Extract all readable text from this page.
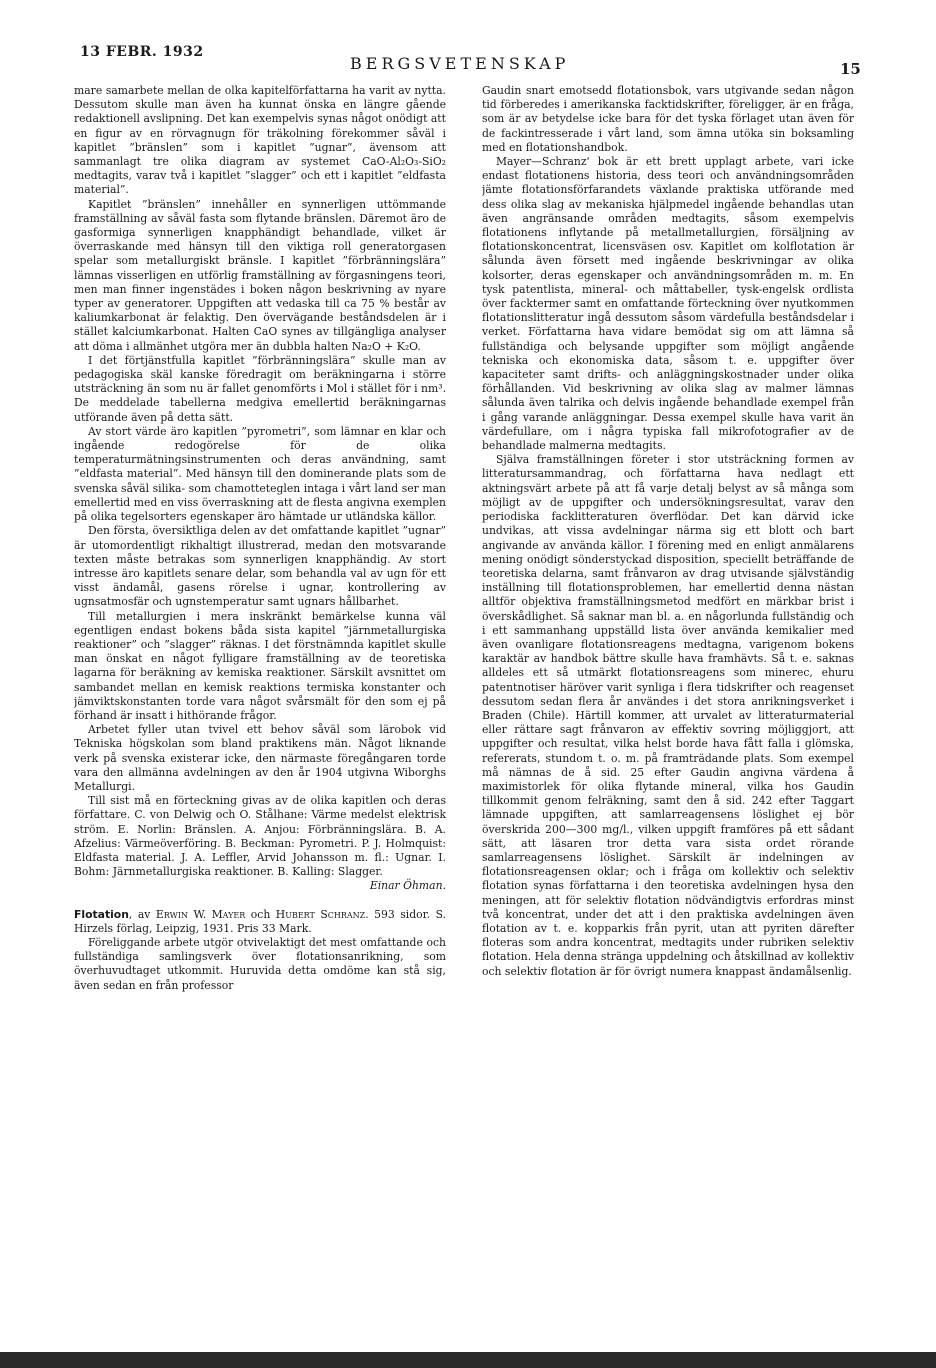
13 FEBR. 1932
BERGSVETENSKAP	15

mare samarbete mellan de olka kapitelförfattarna ha varit av nytta. Dessutom skulle man även ha kunnat önska en längre gående redaktionell avslipning. Det kan exempelvis synas något onödigt att en figur av en rörvagnugn för träkolning förekommer såväl i kapitlet ”bränslen” som i kapitlet ”ugnar”, ävensom att sammanlagt tre olika diagram av systemet CaO-Al₂O₃-SiO₂ medtagits, varav två i kapitlet ”slagger” och ett i kapitlet ”eldfasta material”.

Kapitlet ”bränslen” innehåller en synnerligen uttömmande framställning av såväl fasta som flytande bränslen. Däremot äro de gasformiga synnerligen knapphändigt behandlade, vilket är överraskande med hänsyn till den viktiga roll generatorgasen spelar som metallurgiskt bränsle. I kapitlet ”förbränningslära” lämnas visserligen en utförlig framställning av förgasningens teori, men man finner ingenstädes i boken någon beskrivning av nyare typer av generatorer. Uppgiften att vedaska till ca 75 % består av kaliumkarbonat är felaktig. Den övervägande beståndsdelen är i stället kalciumkarbonat. Halten CaO synes av tillgängliga analyser att döma i allmänhet utgöra mer än dubbla halten Na₂O + K₂O.

I det förtjänstfulla kapitlet ”förbränningslära” skulle man av pedagogiska skäl kanske föredragit om beräkningarna i större utsträckning än som nu är fallet genomförts i Mol i stället för i nm³. De meddelade tabellerna medgiva emellertid beräkningarnas utförande även på detta sätt.

Av stort värde äro kapitlen ”pyrometri”, som lämnar en klar och ingående redogörelse för de olika temperaturmätningsinstrumenten och deras användning, samt ”eldfasta material”. Med hänsyn till den dominerande plats som de svenska såväl silika- som chamotteteglen intaga i vårt land ser man emellertid med en viss överraskning att de flesta angivna exemplen på olika tegelsorters egenskaper äro hämtade ur utländska källor.

Den första, översiktliga delen av det omfattande kapitlet ”ugnar” är utomordentligt rikhaltigt illustrerad, medan den motsvarande texten måste betrakas som synnerligen knapphändig. Av stort intresse äro kapitlets senare delar, som behandla val av ugn för ett visst ändamål, gasens rörelse i ugnar, kontrollering av ugnsatmosfär och ugnstemperatur samt ugnars hållbarhet.

Till metallurgien i mera inskränkt bemärkelse kunna väl egentligen endast bokens båda sista kapitel ”järnmetallurgiska reaktioner” och ”slagger” räknas. I det förstnämnda kapitlet skulle man önskat en något fylligare framställning av de teoretiska lagarna för beräkning av kemiska reaktioner. Särskilt avsnittet om sambandet mellan en kemisk reaktions termiska konstanter och jämviktskonstanten torde vara något svårsmält för den som ej på förhand är insatt i hithörande frågor.

Arbetet fyller utan tvivel ett behov såväl som lärobok vid Tekniska högskolan som bland praktikens män. Något liknande verk på svenska existerar icke, den närmaste föregångaren torde vara den allmänna avdelningen av den år 1904 utgivna Wiborghs Metallurgi.

Till sist må en förteckning givas av de olika kapitlen och deras författare. C. von Delwig och O. Stålhane: Värme medelst elektrisk ström. E. Norlin: Bränslen. A. Anjou: Förbränningslära. B. A. Afzelius: Värmeöverföring. B. Beckman: Pyrometri. P. J. Holmquist: Eldfasta material. J. A. Leffler, Arvid Johansson m. fl.: Ugnar. I. Bohm: Järnmetallurgiska reaktioner. B. Kalling: Slagger.

Einar Öhman.

Flotation, av Erwin W. Mayer och Hubert Schranz. 593 sidor. S. Hirzels förlag, Leipzig, 1931. Pris 33 Mark.

Föreliggande arbete utgör otvivelaktigt det mest omfattande och fullständiga samlingsverk över flotationsanrikning, som överhuvudtaget utkommit. Huruvida detta omdöme kan stå sig, även sedan en från professor

Gaudin snart emotsedd flotationsbok, vars utgivande sedan någon tid förberedes i amerikanska facktidskrifter, föreligger, är en fråga, som är av betydelse icke bara för det tyska förlaget utan även för de fackintresserade i vårt land, som ämna utöka sin boksamling med en flotationshandbok.

Mayer—Schranz' bok är ett brett upplagt arbete, vari icke endast flotationens historia, dess teori och användningsområden jämte flotationsförfarandets växlande praktiska utförande med dess olika slag av mekaniska hjälpmedel ingående behandlas utan även angränsande områden medtagits, såsom exempelvis flotationens inflytande på metallmetallurgien, försäljning av flotationskoncentrat, licensväsen osv. Kapitlet om kolflotation är sålunda även försett med ingående beskrivningar av olika kolsorter, deras egenskaper och användningsområden m. m. En tysk patentlista, mineral- och måttabeller, tysk-engelsk ordlista över facktermer samt en omfattande förteckning över nyutkommen flotationslitteratur ingå dessutom såsom värdefulla beståndsdelar i verket. Författarna hava vidare bemödat sig om att lämna så fullständiga och belysande uppgifter som möjligt angående tekniska och ekonomiska data, såsom t. e. uppgifter över kapaciteter samt drifts- och anläggningskostnader under olika förhållanden. Vid beskrivning av olika slag av malmer lämnas sålunda även talrika och delvis ingående behandlade exempel från i gång varande anläggningar. Dessa exempel skulle hava varit än värdefullare, om i några typiska fall mikrofotografier av de behandlade malmerna medtagits.

Själva framställningen företer i stor utsträckning formen av litteratursammandrag, och författarna hava nedlagt ett aktningsvärt arbete på att få varje detalj belyst av så många som möjligt av de uppgifter och undersökningsresultat, varav den periodiska facklitteraturen överflödar. Det kan därvid icke undvikas, att vissa avdelningar närma sig ett blott och bart angivande av använda källor. I förening med en enligt anmälarens mening onödigt sönderstyckad disposition, speciellt beträffande de teoretiska delarna, samt frånvaron av drag utvisande självständig inställning till flotationsproblemen, har emellertid denna nästan alltför objektiva framställningsmetod medfört en märkbar brist i överskådlighet. Så saknar man bl. a. en någorlunda fullständig och i ett sammanhang uppställd lista över använda kemikalier med även ovanligare flotationsreagens medtagna, varigenom bokens karaktär av handbok bättre skulle hava framhävts. Så t. e. saknas alldeles ett så utmärkt flotationsreagens som minerec, ehuru patentnotiser häröver varit synliga i flera tidskrifter och reagenset dessutom sedan flera år användes i det stora anrikningsverket i Braden (Chile). Härtill kommer, att urvalet av litteraturmaterial eller rättare sagt frånvaron av effektiv sovring möjliggjort, att uppgifter och resultat, vilka helst borde hava fått falla i glömska, refererats, stundom t. o. m. på framträdande plats. Som exempel må nämnas de å sid. 25 efter Gaudin angivna värdena å maximistorlek för olika flytande mineral, vilka hos Gaudin tillkommit genom felräkning, samt den å sid. 242 efter Taggart lämnade uppgiften, att samlarreagensens löslighet ej bör överskrida 200—300 mg/l., vilken uppgift framföres på ett sådant sätt, att läsaren tror detta vara sista ordet rörande samlarreagensens löslighet. Särskilt är indelningen av flotationsreagensen oklar; och i fråga om kollektiv och selektiv flotation synas författarna i den teoretiska avdelningen hysa den meningen, att för selektiv flotation nödvändigtvis erfordras minst två koncentrat, under det att i den praktiska avdelningen även flotation av t. e. kopparkis från pyrit, utan att pyriten därefter floteras som andra koncentrat, medtagits under rubriken selektiv flotation. Hela denna stränga uppdelning och åtskillnad av kollektiv och selektiv flotation är för övrigt numera knappast ändamålsenlig.
